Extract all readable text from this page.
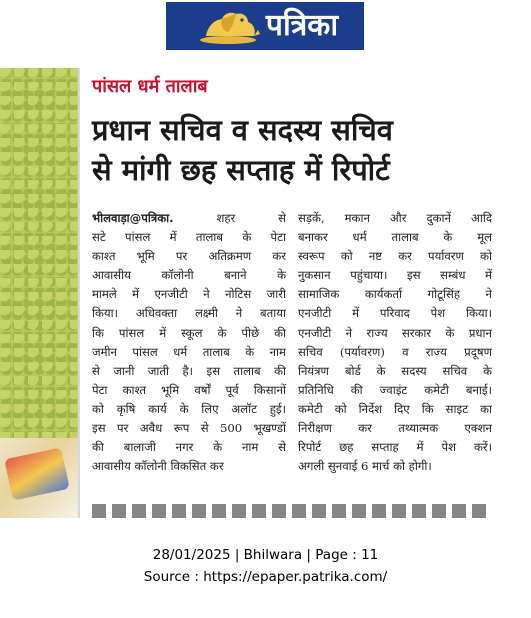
पत्रिका
पांसल धर्म तालाब
प्रधान सचिव व सदस्य सचिव
से मांगी छह सप्ताह में रिपोर्ट
भीलवाड़ा@पत्रिका.	शहर से
सटे पांसल में तालाब के पेटा
काश्त भूमि पर अतिक्रमण कर
आवासीय कॉलोनी बनाने के
मामले में एनजीटी ने नोटिस जारी
किया। अधिवक्ता लक्ष्मी ने बताया
कि पांसल में स्कूल के पीछे की
जमीन पांसल धर्म तालाब के नाम
से जानी जाती है। इस तालाब की
पेटा काश्त भूमि वर्षों पूर्व किसानों
को कृषि कार्य के लिए अलॉट हुई।
इस पर अवैध रूप से 500 भूखण्डों
की बालाजी नगर के नाम से
आवासीय कॉलोनी विकसित कर
सड़कें, मकान और दुकानें आदि
बनाकर धर्म तालाब के मूल
स्वरूप को नष्ट कर पर्यावरण को
नुकसान पहुंचाया। इस सम्बंध में
सामाजिक कार्यकर्ता गोटूसिंह ने
एनजीटी में परिवाद पेश किया।
एनजीटी ने राज्य सरकार के प्रधान
सचिव (पर्यावरण) व राज्य प्रदूषण
नियंत्रण बोर्ड के सदस्य सचिव के
प्रतिनिधि की ज्वाइंट कमेटी बनाई।
कमेटी को निर्देश दिए कि साइट का
निरीक्षण कर तथ्यात्मक एक्शन
रिपोर्ट छह सप्ताह में पेश करें।
अगली सुनवाई 6 मार्च को होगी।
28/01/2025 | Bhilwara | Page : 11
Source : https://epaper.patrika.com/
